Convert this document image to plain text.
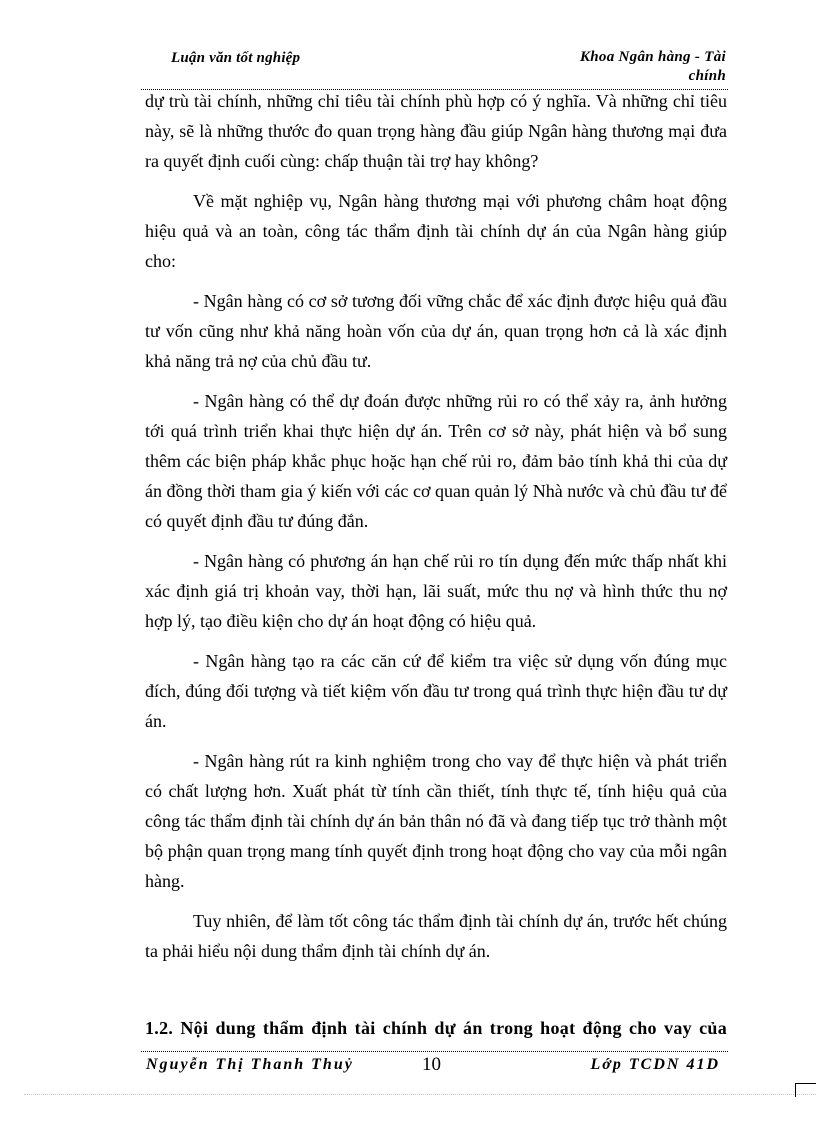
Luận văn tốt nghiệp	Khoa Ngân hàng - Tài
chính

dự trù tài chính, những chỉ tiêu tài chính phù hợp có ý nghĩa. Và những chỉ tiêu này, sẽ là những thước đo quan trọng hàng đầu giúp Ngân hàng thương mại đưa ra quyết định cuối cùng: chấp thuận tài trợ hay không?

Về mặt nghiệp vụ, Ngân hàng thương mại với phương châm hoạt động hiệu quả và an toàn, công tác thẩm định tài chính dự án của Ngân hàng giúp cho:

- Ngân hàng có cơ sở tương đối vững chắc để xác định được hiệu quả đầu tư vốn cũng như khả năng hoàn vốn của dự án, quan trọng hơn cả là xác định khả năng trả nợ của chủ đầu tư.

- Ngân hàng có thể dự đoán được những rủi ro có thể xảy ra, ảnh hưởng tới quá trình triển khai thực hiện dự án. Trên cơ sở này, phát hiện và bổ sung thêm các biện pháp khắc phục hoặc hạn chế rủi ro, đảm bảo tính khả thi của dự án đồng thời tham gia ý kiến với các cơ quan quản lý Nhà nước và chủ đầu tư để có quyết định đầu tư đúng đắn.

- Ngân hàng có phương án hạn chế rủi ro tín dụng đến mức thấp nhất khi xác định giá trị khoản vay, thời hạn, lãi suất, mức thu nợ và hình thức thu nợ hợp lý, tạo điều kiện cho dự án hoạt động có hiệu quả.

- Ngân hàng tạo ra các căn cứ để kiểm tra việc sử dụng vốn đúng mục đích, đúng đối tượng và tiết kiệm vốn đầu tư trong quá trình thực hiện đầu tư dự án.

- Ngân hàng rút ra kinh nghiệm trong cho vay để thực hiện và phát triển có chất lượng hơn. Xuất phát từ tính cần thiết, tính thực tế, tính hiệu quả của công tác thẩm định tài chính dự án bản thân nó đã và đang tiếp tục trở thành một bộ phận quan trọng mang tính quyết định trong hoạt động cho vay của mỗi ngân hàng.

Tuy nhiên, để làm tốt công tác thẩm định tài chính dự án, trước hết chúng ta phải hiểu nội dung thẩm định tài chính dự án.

1.2. Nội dung thẩm định tài chính dự án trong hoạt động cho vay của
Nguyễn Thị Thanh Thuỷ	10	Lớp TCDN 41D
